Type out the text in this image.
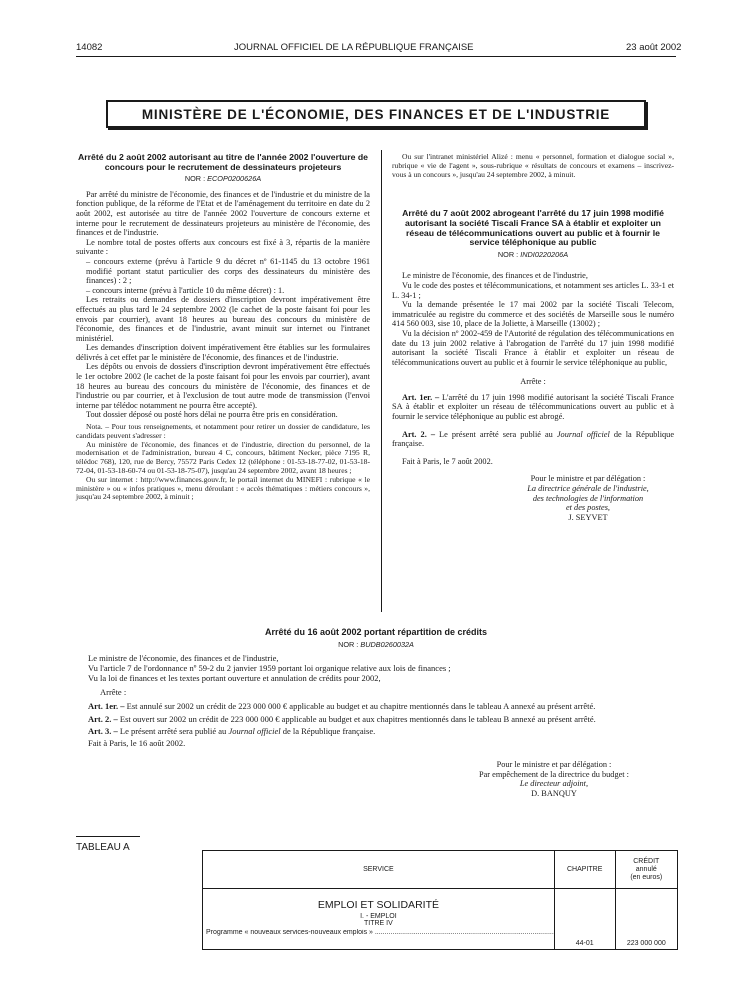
14082	JOURNAL OFFICIEL DE LA RÉPUBLIQUE FRANÇAISE	23 août 2002
MINISTÈRE DE L'ÉCONOMIE, DES FINANCES ET DE L'INDUSTRIE
Arrêté du 2 août 2002 autorisant au titre de l'année 2002 l'ouverture de concours pour le recrutement de dessinateurs projeteurs
NOR : ECOP0200626A

Par arrêté du ministre de l'économie, des finances et de l'industrie et du ministre de la fonction publique, de la réforme de l'Etat et de l'aménagement du territoire en date du 2 août 2002, est autorisée au titre de l'année 2002 l'ouverture de concours externe et interne pour le recrutement de dessinateurs projeteurs au ministère de l'économie, des finances et de l'industrie.

Le nombre total de postes offerts aux concours est fixé à 3, répartis de la manière suivante :

– concours externe (prévu à l'article 9 du décret nº 61-1145 du 13 octobre 1961 modifié portant statut particulier des corps des dessinateurs du ministère des finances) : 2 ;

– concours interne (prévu à l'article 10 du même décret) : 1.

Les retraits ou demandes de dossiers d'inscription devront impérativement être effectués au plus tard le 24 septembre 2002 (le cachet de la poste faisant foi pour les envois par courrier), avant 18 heures au bureau des concours du ministère de l'économie, des finances et de l'industrie, avant minuit sur internet ou l'intranet ministériel.

Les demandes d'inscription doivent impérativement être établies sur les formulaires délivrés à cet effet par le ministère de l'économie, des finances et de l'industrie.

Les dépôts ou envois de dossiers d'inscription devront impérativement être effectués le 1er octobre 2002 (le cachet de la poste faisant foi pour les envois par courrier), avant 18 heures au bureau des concours du ministère de l'économie, des finances et de l'industrie ou par courrier, et à l'exclusion de tout autre mode de transmission (l'envoi interne par télédoc notamment ne pourra être accepté).

Tout dossier déposé ou posté hors délai ne pourra être pris en considération.

Nota. – Pour tous renseignements, et notamment pour retirer un dossier de candidature, les candidats peuvent s'adresser :

Au ministère de l'économie, des finances et de l'industrie, direction du personnel, de la modernisation et de l'administration, bureau 4 C, concours, bâtiment Necker, pièce 7195 R, télédoc 768), 120, rue de Bercy, 75572 Paris Cedex 12 (téléphone : 01-53-18-77-02, 01-53-18-72-04, 01-53-18-60-74 ou 01-53-18-75-07), jusqu'au 24 septembre 2002, avant 18 heures ;

Ou sur internet : http://www.finances.gouv.fr, le portail internet du MINEFI : rubrique « le ministère » ou « infos pratiques », menu déroulant : « accès thématiques : métiers concours », jusqu'au 24 septembre 2002, à minuit ;

Ou sur l'intranet ministériel Alizé : menu « personnel, formation et dialogue social », rubrique « vie de l'agent », sous-rubrique « résultats de concours et examens – inscrivez-vous à un concours », jusqu'au 24 septembre 2002, à minuit.

Arrêté du 7 août 2002 abrogeant l'arrêté du 17 juin 1998 modifié autorisant la société Tiscali France SA à établir et exploiter un réseau de télécommunications ouvert au public et à fournir le service téléphonique au public
NOR : INDI0220206A

Le ministre de l'économie, des finances et de l'industrie,

Vu le code des postes et télécommunications, et notamment ses articles L. 33-1 et L. 34-1 ;

Vu la demande présentée le 17 mai 2002 par la société Tiscali Telecom, immatriculée au registre du commerce et des sociétés de Marseille sous le numéro 414 560 003, sise 10, place de la Joliette, à Marseille (13002) ;

Vu la décision nº 2002-459 de l'Autorité de régulation des télécommunications en date du 13 juin 2002 relative à l'abrogation de l'arrêté du 17 juin 1998 modifié autorisant la société Tiscali France à établir et exploiter un réseau de télécommunications ouvert au public et à fournir le service téléphonique au public,

Arrête :

Art. 1er. – L'arrêté du 17 juin 1998 modifié autorisant la société Tiscali France SA à établir et exploiter un réseau de télécommunications ouvert au public et à fournir le service téléphonique au public est abrogé.

Art. 2. – Le présent arrêté sera publié au Journal officiel de la République française.

Fait à Paris, le 7 août 2002.

Pour le ministre et par délégation :
La directrice générale de l'industrie,
des technologies de l'information
et des postes,
J. SEYVET
Arrêté du 16 août 2002 portant répartition de crédits
NOR : BUDB0260032A

Le ministre de l'économie, des finances et de l'industrie,

Vu l'article 7 de l'ordonnance nº 59-2 du 2 janvier 1959 portant loi organique relative aux lois de finances ;

Vu la loi de finances et les textes portant ouverture et annulation de crédits pour 2002,

Arrête :

Art. 1er. – Est annulé sur 2002 un crédit de 223 000 000 € applicable au budget et au chapitre mentionnés dans le tableau A annexé au présent arrêté.

Art. 2. – Est ouvert sur 2002 un crédit de 223 000 000 € applicable au budget et aux chapitres mentionnés dans le tableau B annexé au présent arrêté.

Art. 3. – Le présent arrêté sera publié au Journal officiel de la République française.

Fait à Paris, le 16 août 2002.

Pour le ministre et par délégation :
Par empêchement de la directrice du budget :
Le directeur adjoint,
D. BANQUY
TABLEAU A
SERVICE	CHAPITRE	CRÉDIT
annulé
(en euros)

EMPLOI ET SOLIDARITÉ
I. - EMPLOI
TITRE IV
Programme « nouveaux services-nouveaux emplois » ............................................................................................	44-01	223 000 000
